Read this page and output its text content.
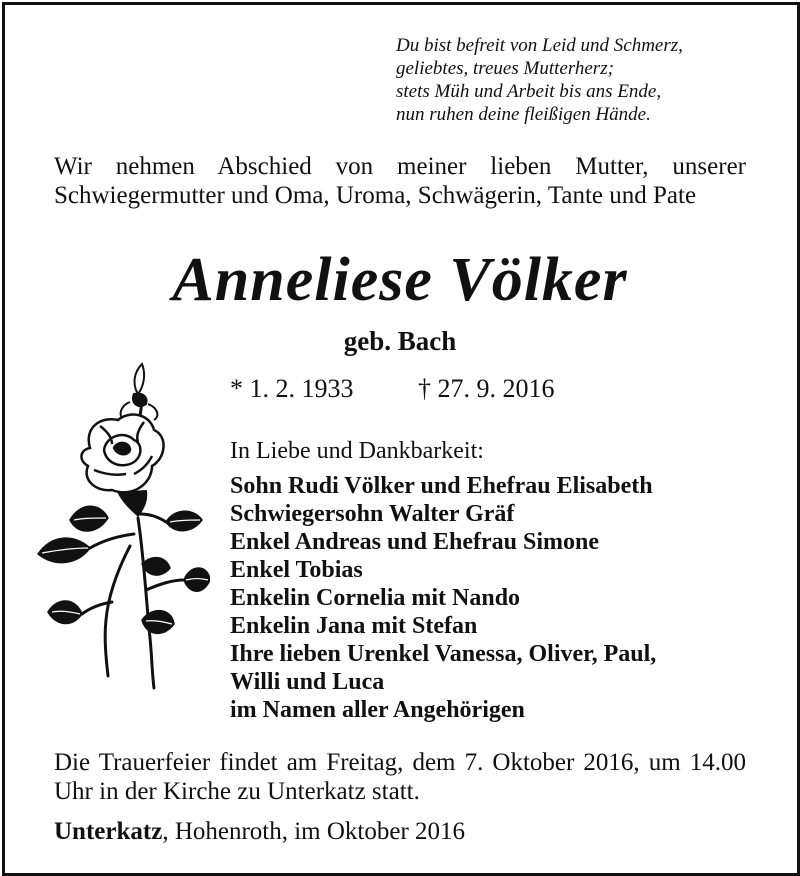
Du bist befreit von Leid und Schmerz,
geliebtes, treues Mutterherz;
stets Müh und Arbeit bis ans Ende,
nun ruhen deine fleißigen Hände.
Wir nehmen Abschied von meiner lieben Mutter, unserer Schwiegermutter und Oma, Uroma, Schwägerin, Tante und Pate
Anneliese Völker
geb. Bach
* 1. 2. 1933 † 27. 9. 2016
In Liebe und Dankbarkeit:
Sohn Rudi Völker und Ehefrau Elisabeth
Schwiegersohn Walter Gräf
Enkel Andreas und Ehefrau Simone
Enkel Tobias
Enkelin Cornelia mit Nando
Enkelin Jana mit Stefan
Ihre lieben Urenkel Vanessa, Oliver, Paul,
Willi und Luca
im Namen aller Angehörigen
Die Trauerfeier findet am Freitag, dem 7. Oktober 2016, um 14.00 Uhr in der Kirche zu Unterkatz statt.
Unterkatz, Hohenroth, im Oktober 2016
